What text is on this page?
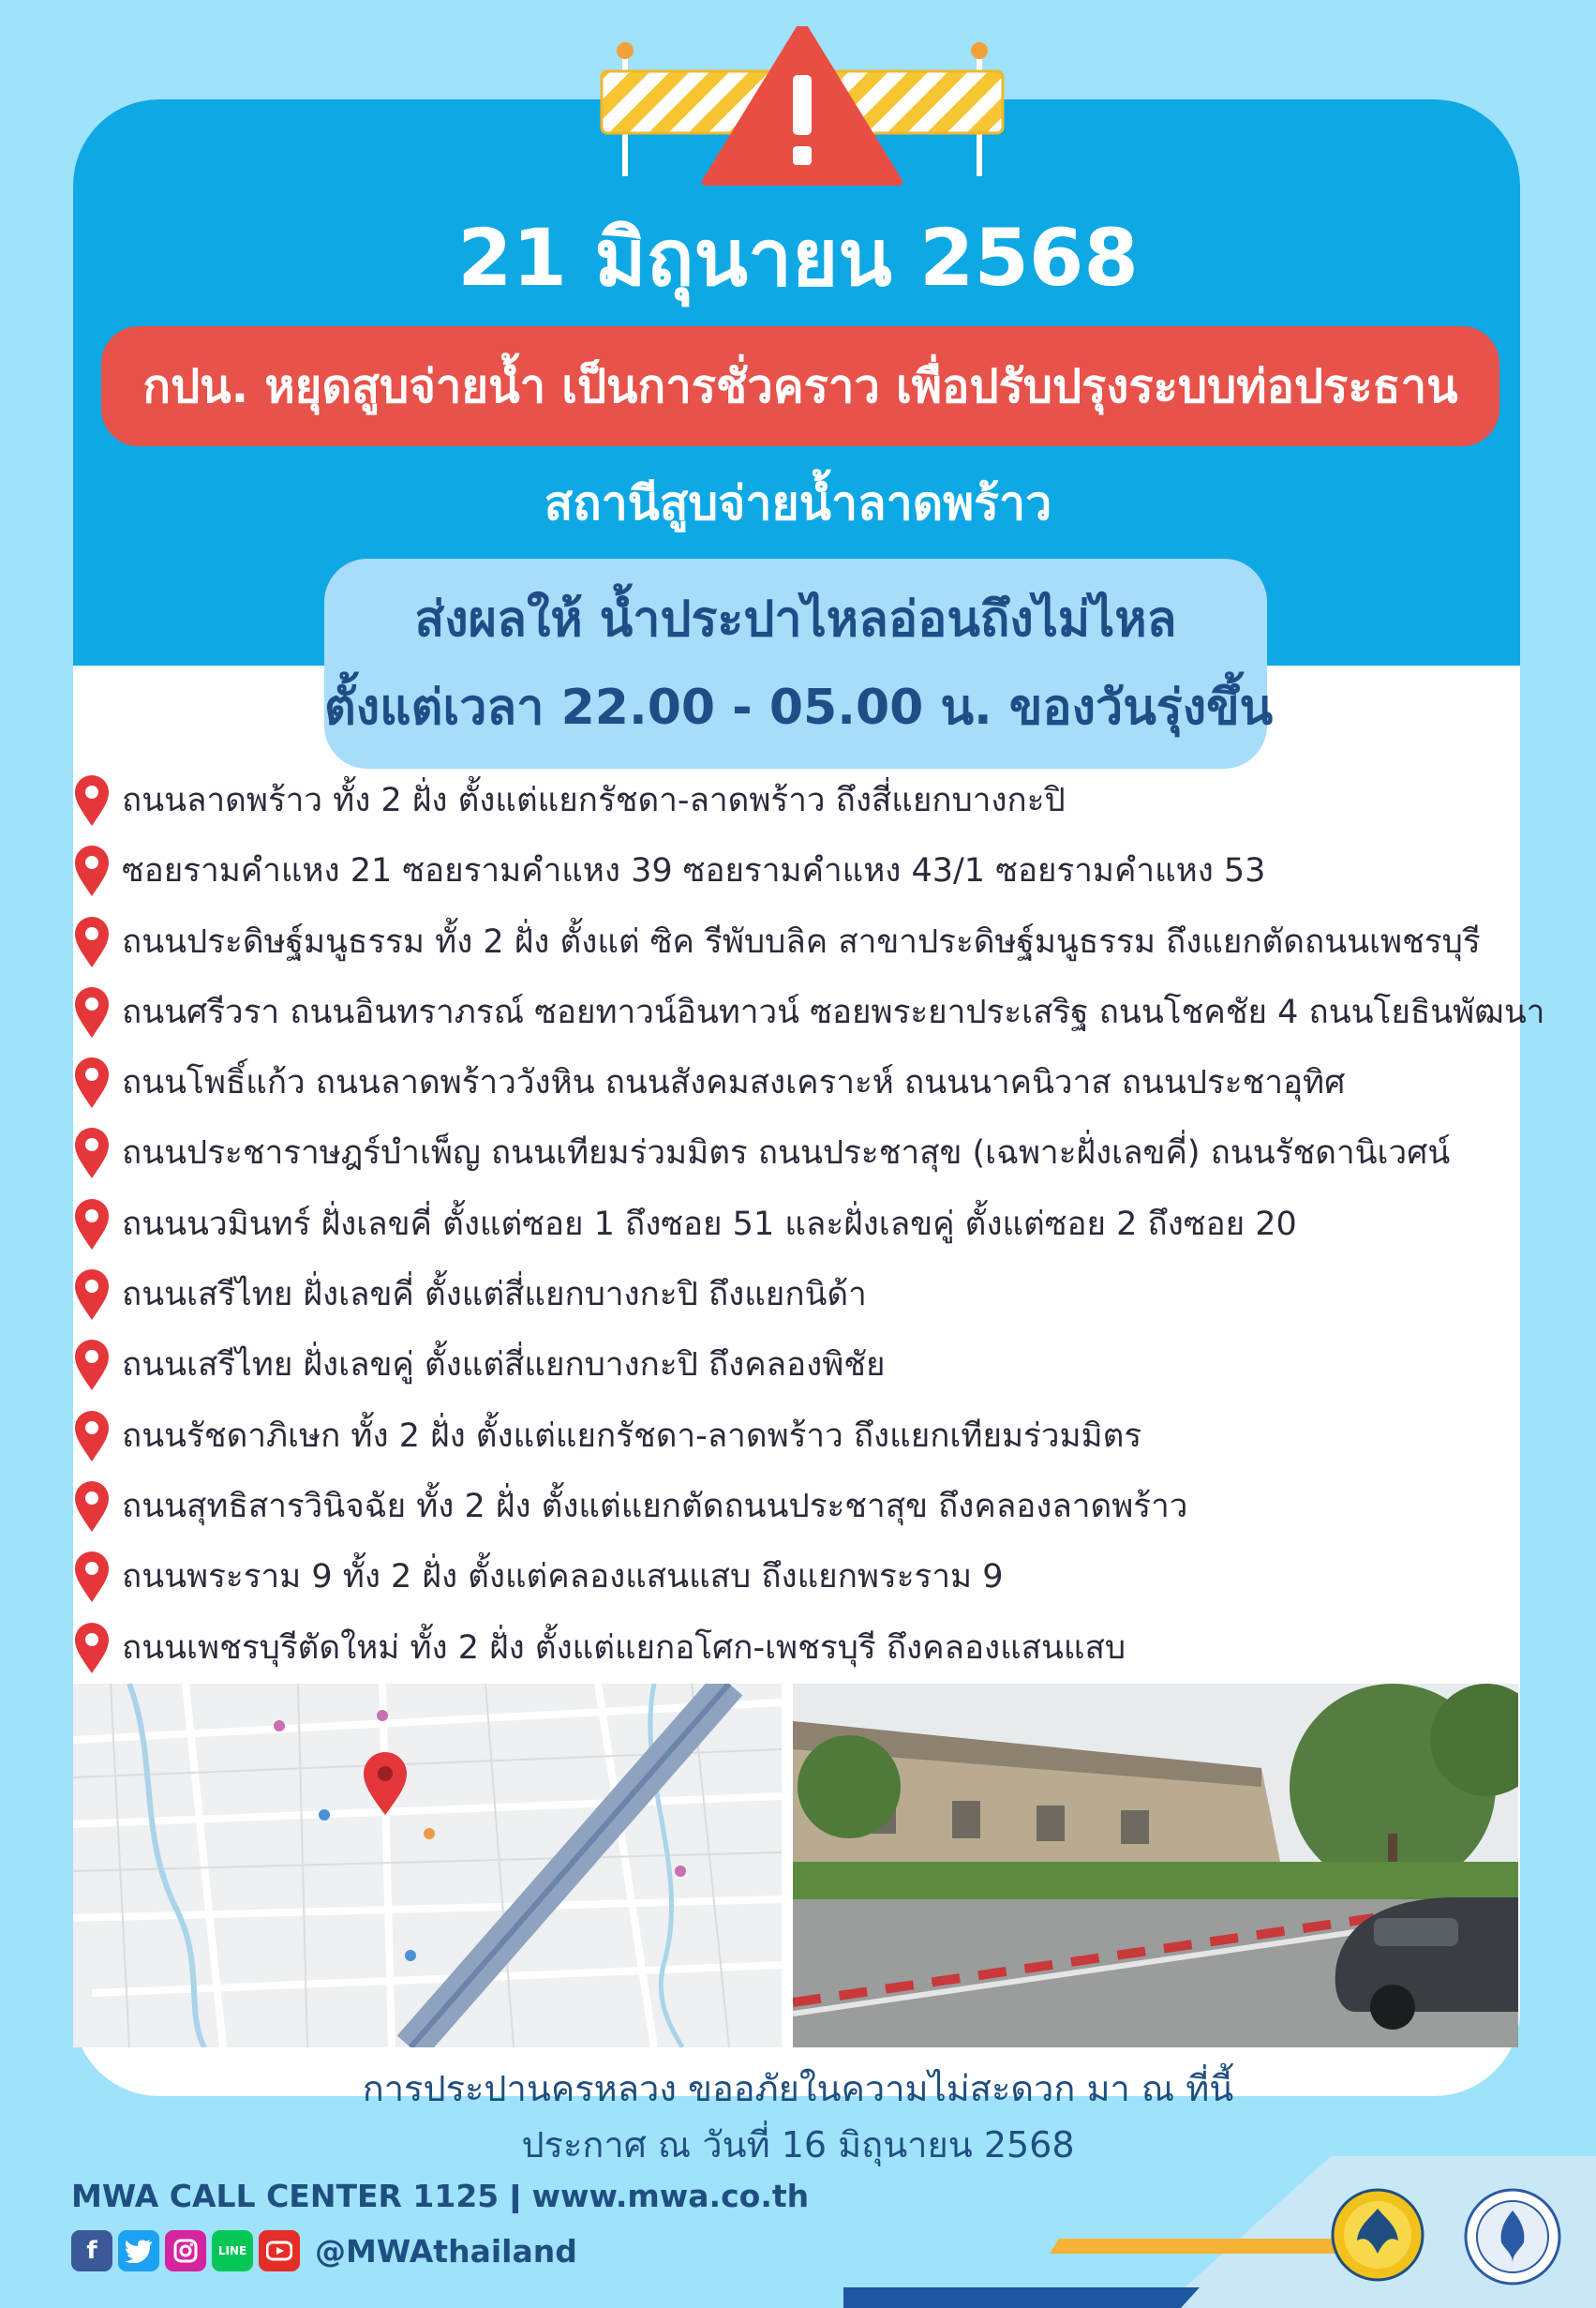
21 มิถุนายน 2568
กปน. หยุดสูบจ่ายน้ำ เป็นการชั่วคราว เพื่อปรับปรุงระบบท่อประธาน
สถานีสูบจ่ายน้ำลาดพร้าว
ส่งผลให้ น้ำประปาไหลอ่อนถึงไม่ไหล
ตั้งแต่เวลา 22.00 - 05.00 น. ของวันรุ่งขึ้น
ถนนลาดพร้าว ทั้ง 2 ฝั่ง ตั้งแต่แยกรัชดา-ลาดพร้าว ถึงสี่แยกบางกะปิ
ซอยรามคำแหง 21 ซอยรามคำแหง 39 ซอยรามคำแหง 43/1 ซอยรามคำแหง 53
ถนนประดิษฐ์มนูธรรม ทั้ง 2 ฝั่ง ตั้งแต่ ซิค รีพับบลิค สาขาประดิษฐ์มนูธรรม ถึงแยกตัดถนนเพชรบุรี
ถนนศรีวรา ถนนอินทราภรณ์ ซอยทาวน์อินทาวน์ ซอยพระยาประเสริฐ ถนนโชคชัย 4 ถนนโยธินพัฒนา
ถนนโพธิ์แก้ว ถนนลาดพร้าววังหิน ถนนสังคมสงเคราะห์ ถนนนาคนิวาส ถนนประชาอุทิศ
ถนนประชาราษฎร์บำเพ็ญ ถนนเทียมร่วมมิตร ถนนประชาสุข (เฉพาะฝั่งเลขคี่) ถนนรัชดานิเวศน์
ถนนนวมินทร์ ฝั่งเลขคี่ ตั้งแต่ซอย 1 ถึงซอย 51 และฝั่งเลขคู่ ตั้งแต่ซอย 2 ถึงซอย 20
ถนนเสรีไทย ฝั่งเลขคี่ ตั้งแต่สี่แยกบางกะปิ ถึงแยกนิด้า
ถนนเสรีไทย ฝั่งเลขคู่ ตั้งแต่สี่แยกบางกะปิ ถึงคลองพิชัย
ถนนรัชดาภิเษก ทั้ง 2 ฝั่ง ตั้งแต่แยกรัชดา-ลาดพร้าว ถึงแยกเทียมร่วมมิตร
ถนนสุทธิสารวินิจฉัย ทั้ง 2 ฝั่ง ตั้งแต่แยกตัดถนนประชาสุข ถึงคลองลาดพร้าว
ถนนพระราม 9 ทั้ง 2 ฝั่ง ตั้งแต่คลองแสนแสบ ถึงแยกพระราม 9
ถนนเพชรบุรีตัดใหม่ ทั้ง 2 ฝั่ง ตั้งแต่แยกอโศก-เพชรบุรี ถึงคลองแสนแสบ
การประปานครหลวง ขออภัยในความไม่สะดวก มา ณ ที่นี้
ประกาศ ณ วันที่ 16 มิถุนายน 2568
MWA CALL CENTER 1125 ǀ www.mwa.co.th
f	LINE @MWAthailand
